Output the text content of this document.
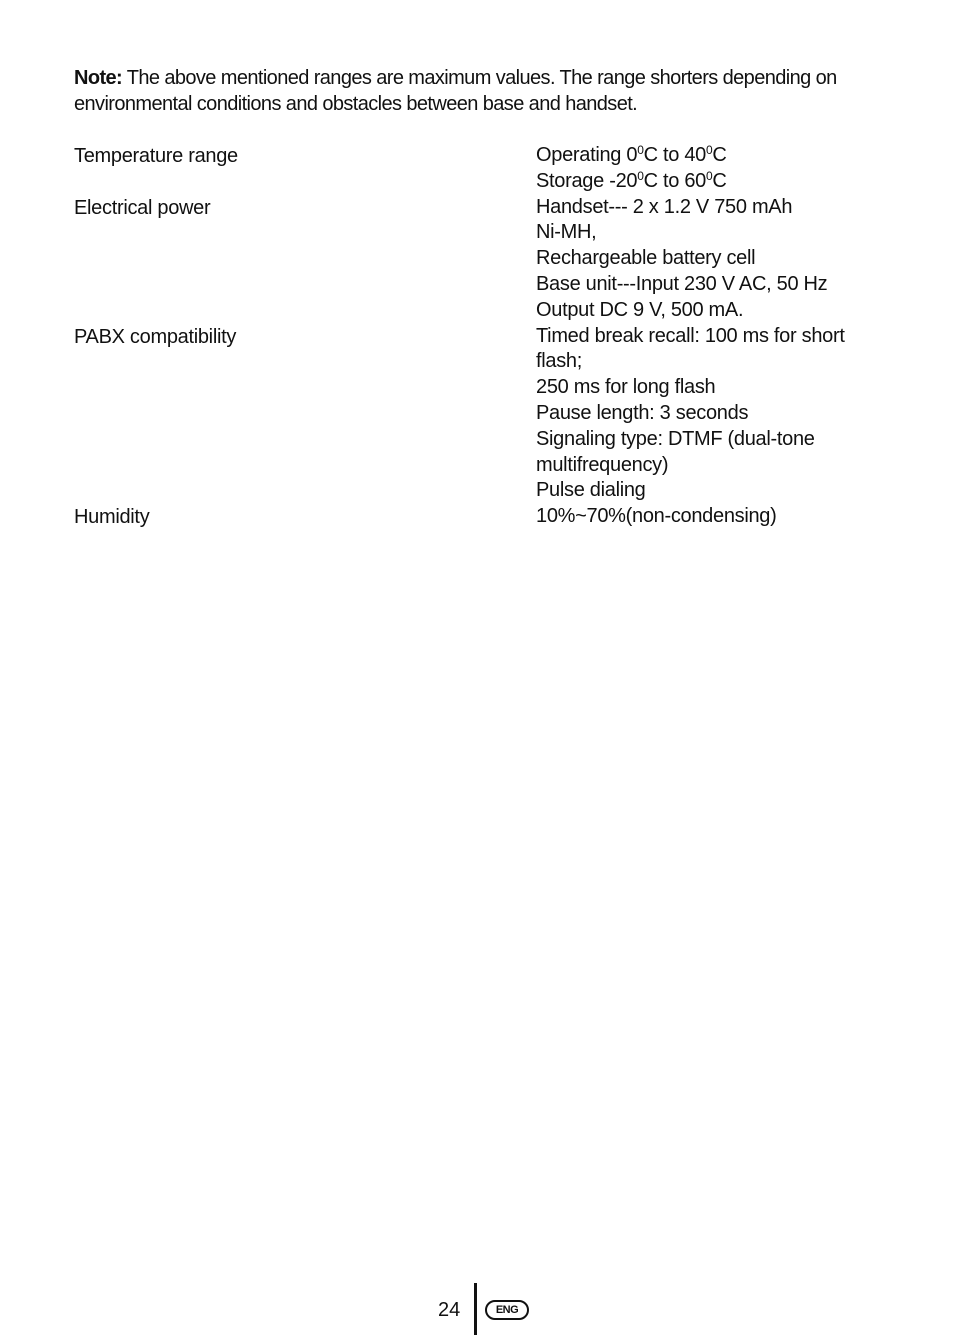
Note: The above mentioned ranges are maximum values. The range shorters depending on environmental conditions and obstacles between base and handset.
Temperature range	Operating $0^0C$ to $40^0C$
Storage $-20^0C$ to $60^0C$
Electrical power	Handset--- 2 x 1.2 V 750 mAh
Ni-MH,
Rechargeable battery cell
Base unit---Input 230 V AC, 50 Hz
Output DC 9 V, 500 mA.
PABX compatibility	Timed break recall: 100 ms for short
flash;
250 ms for long flash
Pause length: 3 seconds
Signaling type: DTMF (dual-tone
multifrequency)
Pulse dialing
Humidity	10%~70%(non-condensing)
24	ENG
